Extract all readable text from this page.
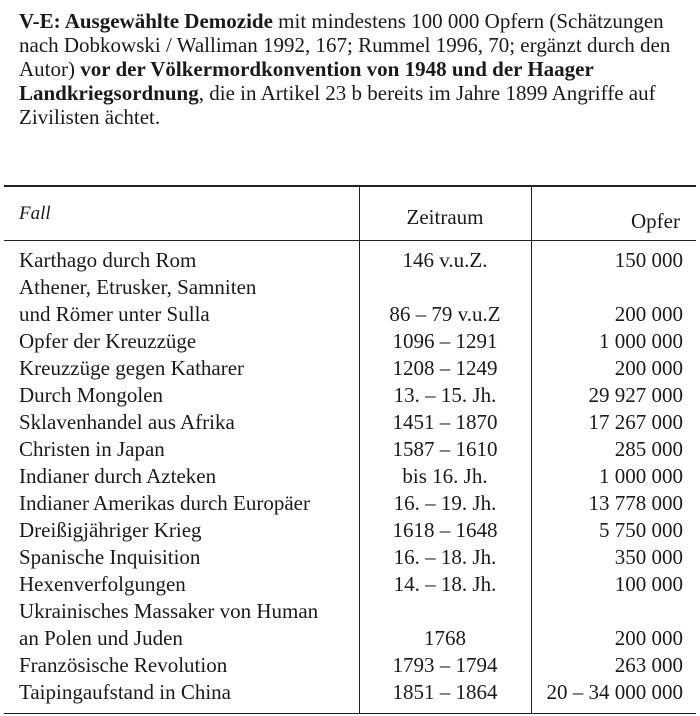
V-E: Ausgewählte Demozide mit mindestens 100 000 Opfern (Schätzungen nach Dobkowski / Walliman 1992, 167; Rummel 1996, 70; ergänzt durch den Autor) vor der Völkermordkonvention von 1948 und der Haager Landkriegsordnung, die in Artikel 23 b bereits im Jahre 1899 Angriffe auf Zivilisten ächtet.
Fall	Zeitraum	Opfer
Karthago durch Rom	146 v.u.Z.	150 000
Athener, Etrusker, Samniten
und Römer unter Sulla	86 – 79 v.u.Z	200 000
Opfer der Kreuzzüge	1096 – 1291	1 000 000
Kreuzzüge gegen Katharer	1208 – 1249	200 000
Durch Mongolen	13. – 15. Jh.	29 927 000
Sklavenhandel aus Afrika	1451 – 1870	17 267 000
Christen in Japan	1587 – 1610	285 000
Indianer durch Azteken	bis 16. Jh.	1 000 000
Indianer Amerikas durch Europäer	16. – 19. Jh.	13 778 000
Dreißigjähriger Krieg	1618 – 1648	5 750 000
Spanische Inquisition	16. – 18. Jh.	350 000
Hexenverfolgungen	14. – 18. Jh.	100 000
Ukrainisches Massaker von Human
an Polen und Juden	1768	200 000
Französische Revolution	1793 – 1794	263 000
Taipingaufstand in China	1851 – 1864	20 – 34 000 000
